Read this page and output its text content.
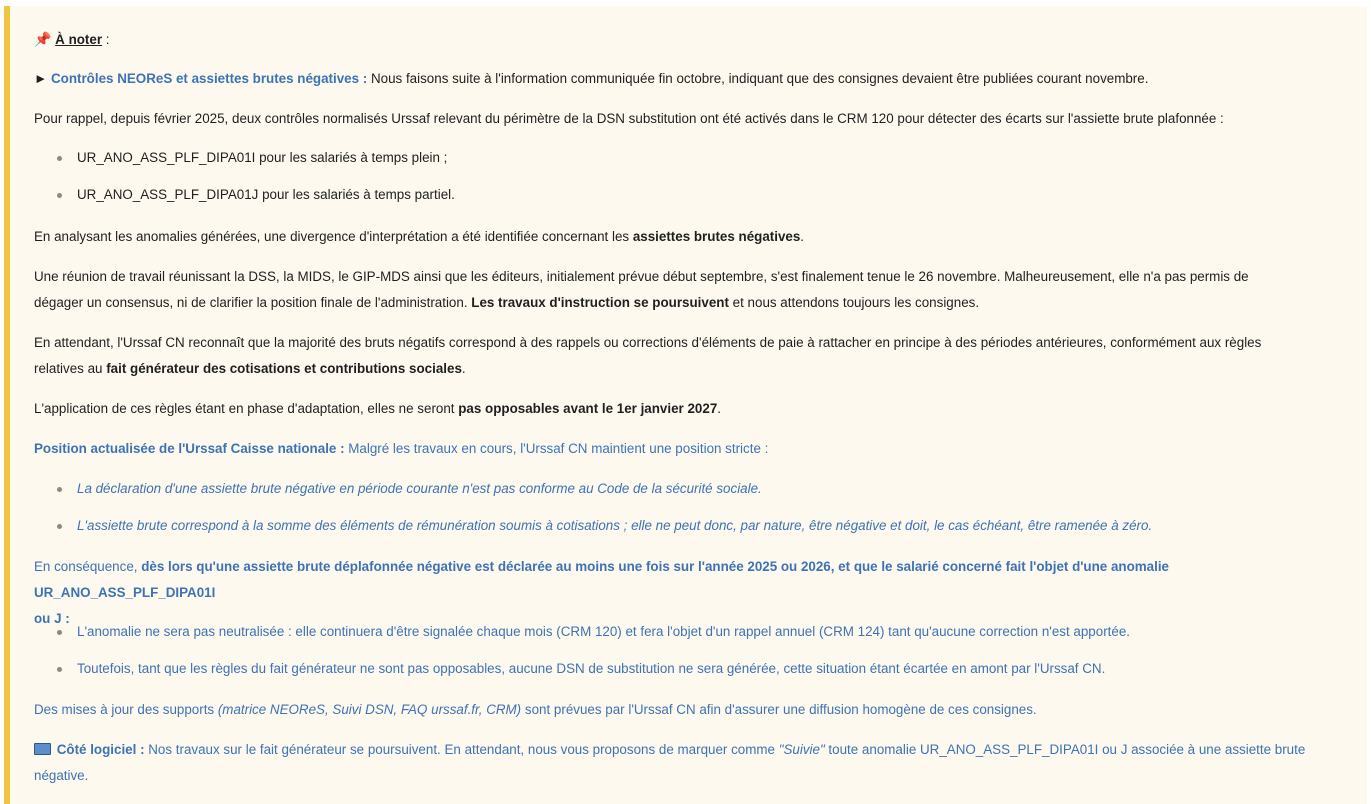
📌 À noter :
► Contrôles NEOReS et assiettes brutes négatives : Nous faisons suite à l'information communiquée fin octobre, indiquant que des consignes devaient être publiées courant novembre.
Pour rappel, depuis février 2025, deux contrôles normalisés Urssaf relevant du périmètre de la DSN substitution ont été activés dans le CRM 120 pour détecter des écarts sur l'assiette brute plafonnée :
UR_ANO_ASS_PLF_DIPA01I pour les salariés à temps plein ;
UR_ANO_ASS_PLF_DIPA01J pour les salariés à temps partiel.
En analysant les anomalies générées, une divergence d'interprétation a été identifiée concernant les assiettes brutes négatives.
Une réunion de travail réunissant la DSS, la MIDS, le GIP-MDS ainsi que les éditeurs, initialement prévue début septembre, s'est finalement tenue le 26 novembre. Malheureusement, elle n'a pas permis de
dégager un consensus, ni de clarifier la position finale de l'administration. Les travaux d'instruction se poursuivent et nous attendons toujours les consignes.
En attendant, l'Urssaf CN reconnaît que la majorité des bruts négatifs correspond à des rappels ou corrections d'éléments de paie à rattacher en principe à des périodes antérieures, conformément aux règles
relatives au fait générateur des cotisations et contributions sociales.
L'application de ces règles étant en phase d'adaptation, elles ne seront pas opposables avant le 1er janvier 2027.
Position actualisée de l'Urssaf Caisse nationale : Malgré les travaux en cours, l'Urssaf CN maintient une position stricte :
La déclaration d'une assiette brute négative en période courante n'est pas conforme au Code de la sécurité sociale.
L'assiette brute correspond à la somme des éléments de rémunération soumis à cotisations ; elle ne peut donc, par nature, être négative et doit, le cas échéant, être ramenée à zéro.
En conséquence, dès lors qu'une assiette brute déplafonnée négative est déclarée au moins une fois sur l'année 2025 ou 2026, et que le salarié concerné fait l'objet d'une anomalie UR_ANO_ASS_PLF_DIPA01I
ou J :
L'anomalie ne sera pas neutralisée : elle continuera d'être signalée chaque mois (CRM 120) et fera l'objet d'un rappel annuel (CRM 124) tant qu'aucune correction n'est apportée.
Toutefois, tant que les règles du fait générateur ne sont pas opposables, aucune DSN de substitution ne sera générée, cette situation étant écartée en amont par l'Urssaf CN.
Des mises à jour des supports (matrice NEOReS, Suivi DSN, FAQ urssaf.fr, CRM) sont prévues par l'Urssaf CN afin d'assurer une diffusion homogène de ces consignes.
Côté logiciel : Nos travaux sur le fait générateur se poursuivent. En attendant, nous vous proposons de marquer comme "Suivie" toute anomalie UR_ANO_ASS_PLF_DIPA01I ou J associée à une assiette brute
négative.
